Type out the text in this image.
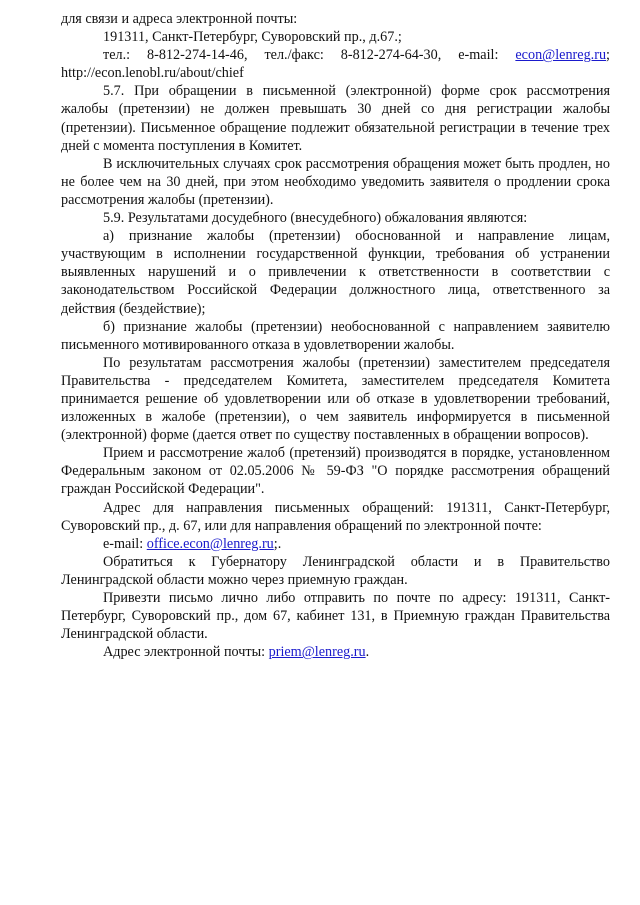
для связи и адреса электронной почты:

191311, Санкт-Петербург, Суворовский пр., д.67.;

тел.: 8-812-274-14-46, тел./факс: 8-812-274-64-30, e-mail: econ@lenreg.ru; http://econ.lenobl.ru/about/chief

5.7. При обращении в письменной (электронной) форме срок рассмотрения жалобы (претензии) не должен превышать 30 дней со дня регистрации жалобы (претензии). Письменное обращение подлежит обязательной регистрации в течение трех дней с момента поступления в Комитет.

В исключительных случаях срок рассмотрения обращения может быть продлен, но не более чем на 30 дней, при этом необходимо уведомить заявителя о продлении срока рассмотрения жалобы (претензии).

5.9. Результатами досудебного (внесудебного) обжалования являются:

а) признание жалобы (претензии) обоснованной и направление лицам, участвующим в исполнении государственной функции, требования об устранении выявленных нарушений и о привлечении к ответственности в соответствии с законодательством Российской Федерации должностного лица, ответственного за действия (бездействие);

б) признание жалобы (претензии) необоснованной с направлением заявителю письменного мотивированного отказа в удовлетворении жалобы.

По результатам рассмотрения жалобы (претензии) заместителем председателя Правительства - председателем Комитета, заместителем председателя Комитета принимается решение об удовлетворении или об отказе в удовлетворении требований, изложенных в жалобе (претензии), о чем заявитель информируется в письменной (электронной) форме (дается ответ по существу поставленных в обращении вопросов).

Прием и рассмотрение жалоб (претензий) производятся в порядке, установленном Федеральным законом от 02.05.2006 № 59-ФЗ "О порядке рассмотрения обращений граждан Российской Федерации".

Адрес для направления письменных обращений: 191311, Санкт-Петербург, Суворовский пр., д. 67, или для направления обращений по электронной почте:

e-mail: office.econ@lenreg.ru;.

Обратиться к Губернатору Ленинградской области и в Правительство Ленинградской области можно через приемную граждан.

Привезти письмо лично либо отправить по почте по адресу: 191311, Санкт-Петербург, Суворовский пр., дом 67, кабинет 131, в Приемную граждан Правительства Ленинградской области.

Адрес электронной почты: priem@lenreg.ru.
